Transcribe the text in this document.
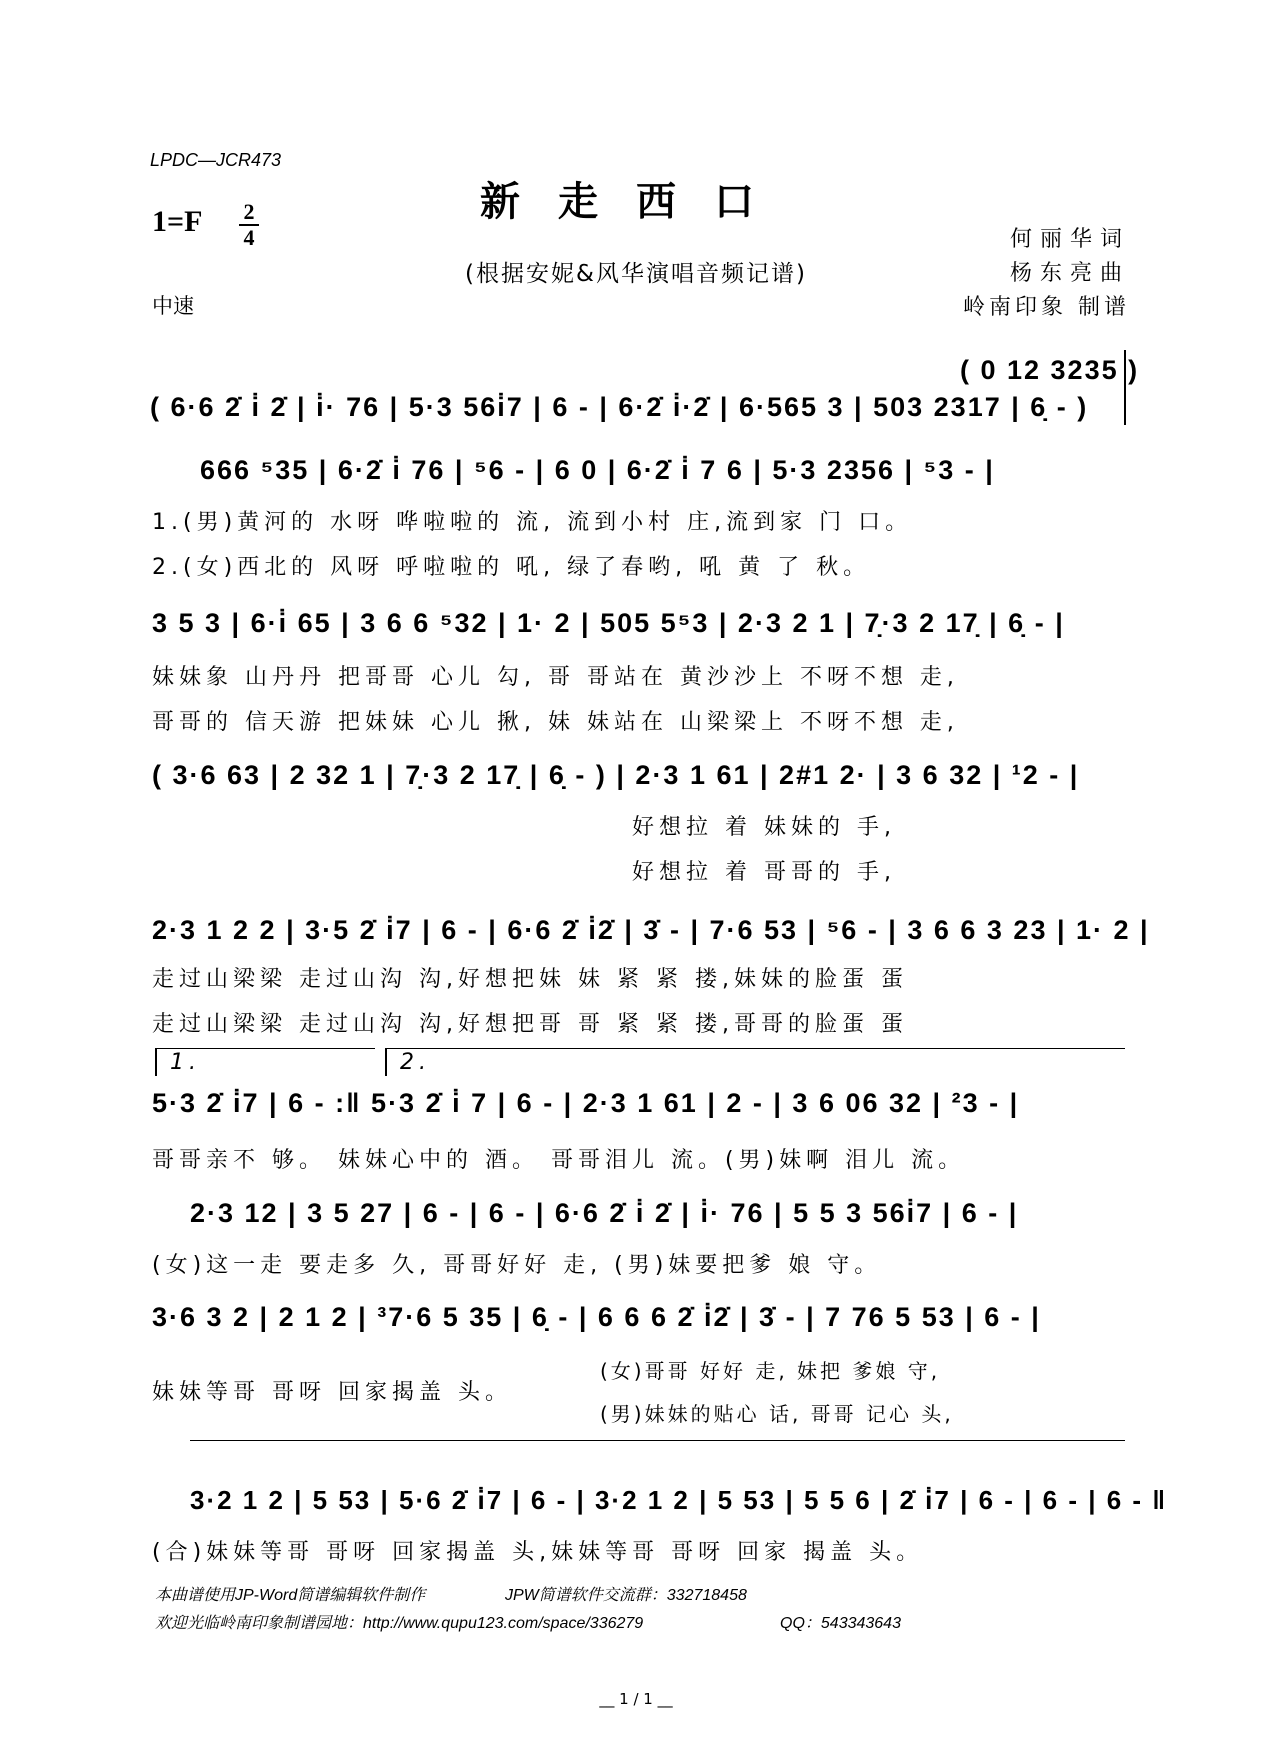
LPDC—JCR473
新走西口
1=F	2
4
(根据安妮&风华演唱音频记谱)
中速
何丽华词
杨东亮曲
岭南印象 制谱
( 0 12 3235 )
( 6·6 2̇ i̇ 2̇ | i̇· 76 | 5·3 56i̇7 | 6 - | 6·2̇ i̇·2̇ | 6·565 3 | 503 2317 | 6̣ - )
666 ⁵35 | 6·2̇ i̇ 76 | ⁵6 - | 6 0 | 6·2̇ i̇ 7 6 | 5·3 2356 | ⁵3 - |
1.(男)黄河的 水呀 哗啦啦的 流, 流到小村 庄,流到家 门 口。
2.(女)西北的 风呀 呼啦啦的 吼, 绿了春哟, 吼 黄 了 秋。
3 5 3 | 6·i̇ 65 | 3 6 6 ⁵32 | 1· 2 | 505 5⁵3 | 2·3 2 1 | 7̣·3 2 17̣ | 6̣ - |
妹妹象 山丹丹 把哥哥 心儿 勾, 哥 哥站在 黄沙沙上 不呀不想 走,
哥哥的 信天游 把妹妹 心儿 揪, 妹 妹站在 山梁梁上 不呀不想 走,
( 3·6 63 | 2 32 1 | 7̣·3 2 17̣ | 6̣ - ) | 2·3 1 61 | 2#1 2· | 3 6 32 | ¹2 - |
好想拉 着 妹妹的 手,
好想拉 着 哥哥的 手,
2·3 1 2 2 | 3·5 2̇ i̇7 | 6 - | 6·6 2̇ i̇2̇ | 3̇ - | 7·6 53 | ⁵6 - | 3 6 6 3 23 | 1· 2 |
走过山梁梁 走过山沟 沟,好想把妹 妹 紧 紧 搂,妹妹的脸蛋 蛋
走过山梁梁 走过山沟 沟,好想把哥 哥 紧 紧 搂,哥哥的脸蛋 蛋
1.	2.
5·3 2̇ i̇7 | 6 - :‖ 5·3 2̇ i̇ 7 | 6 - | 2·3 1 61 | 2 - | 3 6 06 32 | ²3 - |
哥哥亲不 够。 妹妹心中的 酒。 哥哥泪儿 流。(男)妹啊 泪儿 流。
2·3 12 | 3 5 27 | 6 - | 6 - | 6·6 2̇ i̇ 2̇ | i̇· 76 | 5 5 3 56i̇7 | 6 - |
(女)这一走 要走多 久, 哥哥好好 走, (男)妹要把爹 娘 守。
3·6 3 2 | 2 1 2 | ³7·6 5 35 | 6̣ - | 6 6 6 2̇ i̇2̇ | 3̇ - | 7 76 5 53 | 6 - |
妹妹等哥 哥呀 回家揭盖 头。
(女)哥哥 好好 走, 妹把 爹娘 守,
(男)妹妹的贴心 话, 哥哥 记心 头,
3·2 1 2 | 5 53 | 5·6 2̇ i̇7 | 6 - | 3·2 1 2 | 5 53 | 5 5 6 | 2̇ i̇7 | 6 - | 6 - | 6 - ‖
(合)妹妹等哥 哥呀 回家揭盖 头,妹妹等哥 哥呀 回家 揭盖 头。
本曲谱使用JP-Word简谱编辑软件制作	JPW简谱软件交流群：332718458
欢迎光临岭南印象制谱园地：http://www.qupu123.com/space/336279	QQ：543343643
__ 1 / 1 __
